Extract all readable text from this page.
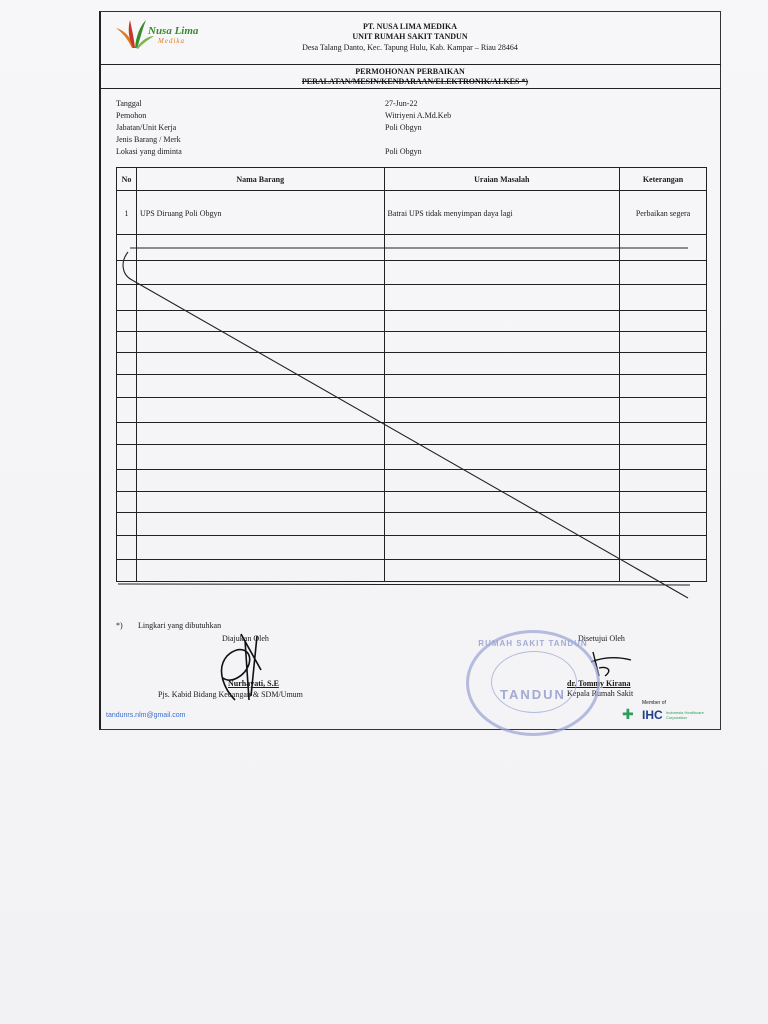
Nusa Lima
Medika
PT. NUSA LIMA MEDIKA
UNIT RUMAH SAKIT TANDUN
Desa Talang Danto, Kec. Tapung Hulu, Kab. Kampar – Riau 28464
PERMOHONAN PERBAIKAN
PERALATAN/MESIN/KENDARAAN/ELEKTRONIK/ALKES *)
Tanggal	27-Jun-22
Pemohon	Witriyeni A.Md.Keb
Jabatan/Unit Kerja	Poli Obgyn
Jenis Barang / Merk
Lokasi yang diminta	Poli Obgyn
No	Nama Barang	Uraian Masalah	Keterangan
1	UPS Diruang Poli Obgyn	Batrai UPS tidak menyimpan daya lagi	Perbaikan segera

*) Lingkari yang dibutuhkan
Diajukan Oleh
Nurhayati, S.E
Pjs. Kabid Bidang Keuangan & SDM/Umum
Disetujui Oleh
dr. Tommy Kirana
Kepala Rumah Sakit
RUMAH SAKIT TANDUN
TANDUN
tandunrs.nlm@gmail.com
Member of
✚ IHC Indonesia Healthcare Corporation
